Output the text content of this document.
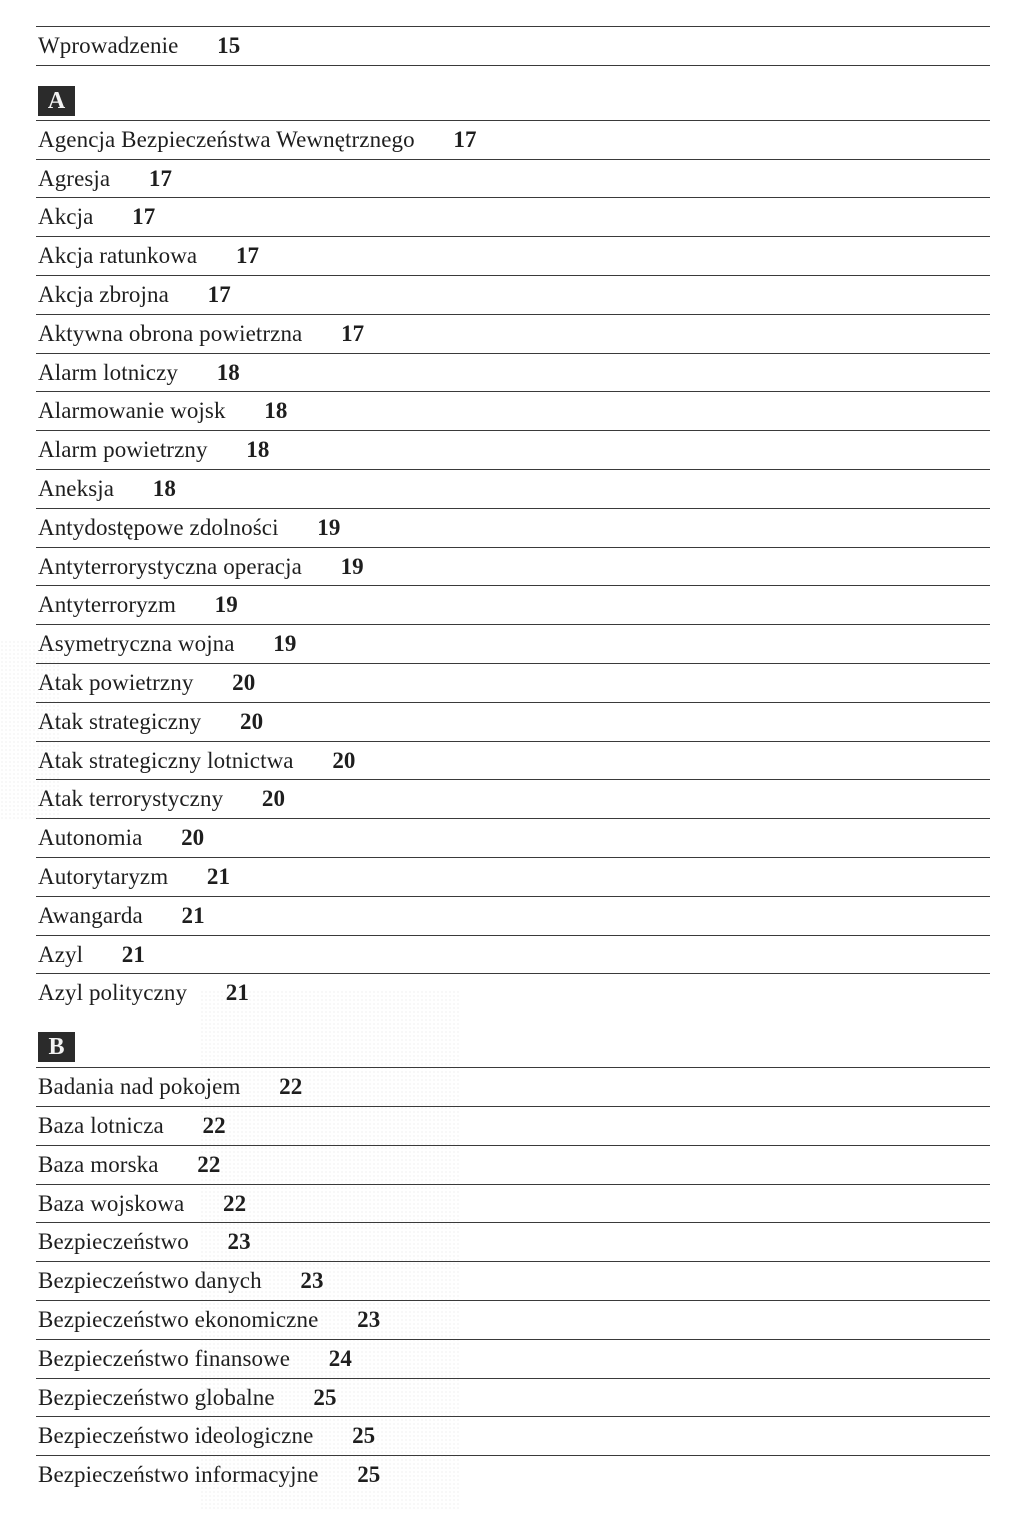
Wprowadzenie 15
A
Agencja Bezpieczeństwa Wewnętrznego 17
Agresja 17
Akcja 17
Akcja ratunkowa 17
Akcja zbrojna 17
Aktywna obrona powietrzna 17
Alarm lotniczy 18
Alarmowanie wojsk 18
Alarm powietrzny 18
Aneksja 18
Antydostępowe zdolności 19
Antyterrorystyczna operacja 19
Antyterroryzm 19
Asymetryczna wojna 19
Atak powietrzny 20
Atak strategiczny 20
Atak strategiczny lotnictwa 20
Atak terrorystyczny 20
Autonomia 20
Autorytaryzm 21
Awangarda 21
Azyl 21
Azyl polityczny 21
B
Badania nad pokojem 22
Baza lotnicza 22
Baza morska 22
Baza wojskowa 22
Bezpieczeństwo 23
Bezpieczeństwo danych 23
Bezpieczeństwo ekonomiczne 23
Bezpieczeństwo finansowe 24
Bezpieczeństwo globalne 25
Bezpieczeństwo ideologiczne 25
Bezpieczeństwo informacyjne 25
